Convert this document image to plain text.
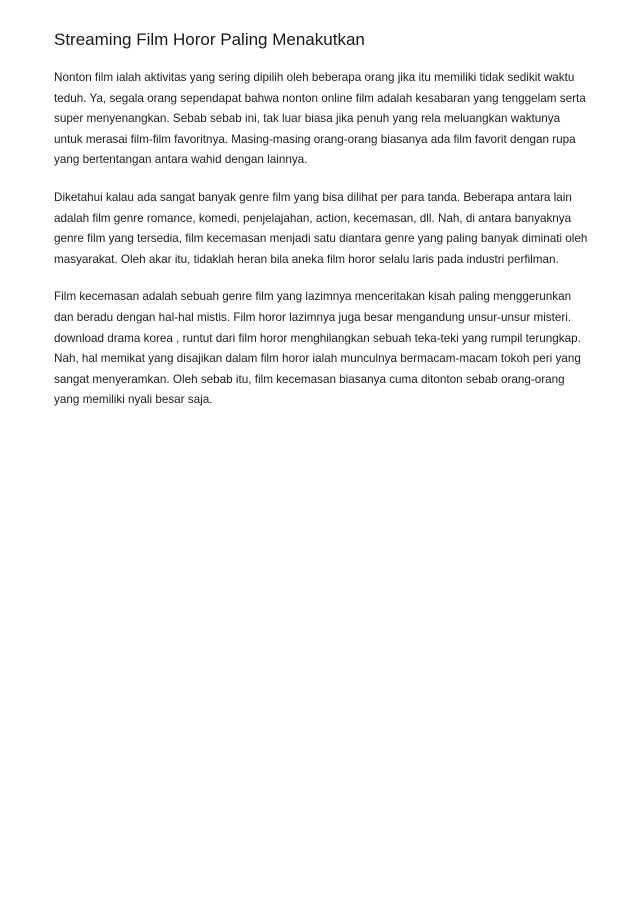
Streaming Film Horor Paling Menakutkan

Nonton film ialah aktivitas yang sering dipilih oleh beberapa orang jika itu memiliki tidak sedikit waktu teduh. Ya, segala orang sependapat bahwa nonton online film adalah kesabaran yang tenggelam serta super menyenangkan. Sebab sebab ini, tak luar biasa jika penuh yang rela meluangkan waktunya untuk merasai film-film favoritnya. Masing-masing orang-orang biasanya ada film favorit dengan rupa yang bertentangan antara wahid dengan lainnya.

Diketahui kalau ada sangat banyak genre film yang bisa dilihat per para tanda. Beberapa antara lain adalah film genre romance, komedi, penjelajahan, action, kecemasan, dll. Nah, di antara banyaknya genre film yang tersedia, film kecemasan menjadi satu diantara genre yang paling banyak diminati oleh masyarakat. Oleh akar itu, tidaklah heran bila aneka film horor selalu laris pada industri perfilman.

Film kecemasan adalah sebuah genre film yang lazimnya menceritakan kisah paling menggerunkan dan beradu dengan hal-hal mistis. Film horor lazimnya juga besar mengandung unsur-unsur misteri. download drama korea , runtut dari film horor menghilangkan sebuah teka-teki yang rumpil terungkap. Nah, hal memikat yang disajikan dalam film horor ialah munculnya bermacam-macam tokoh peri yang sangat menyeramkan. Oleh sebab itu, film kecemasan biasanya cuma ditonton sebab orang-orang yang memiliki nyali besar saja.
